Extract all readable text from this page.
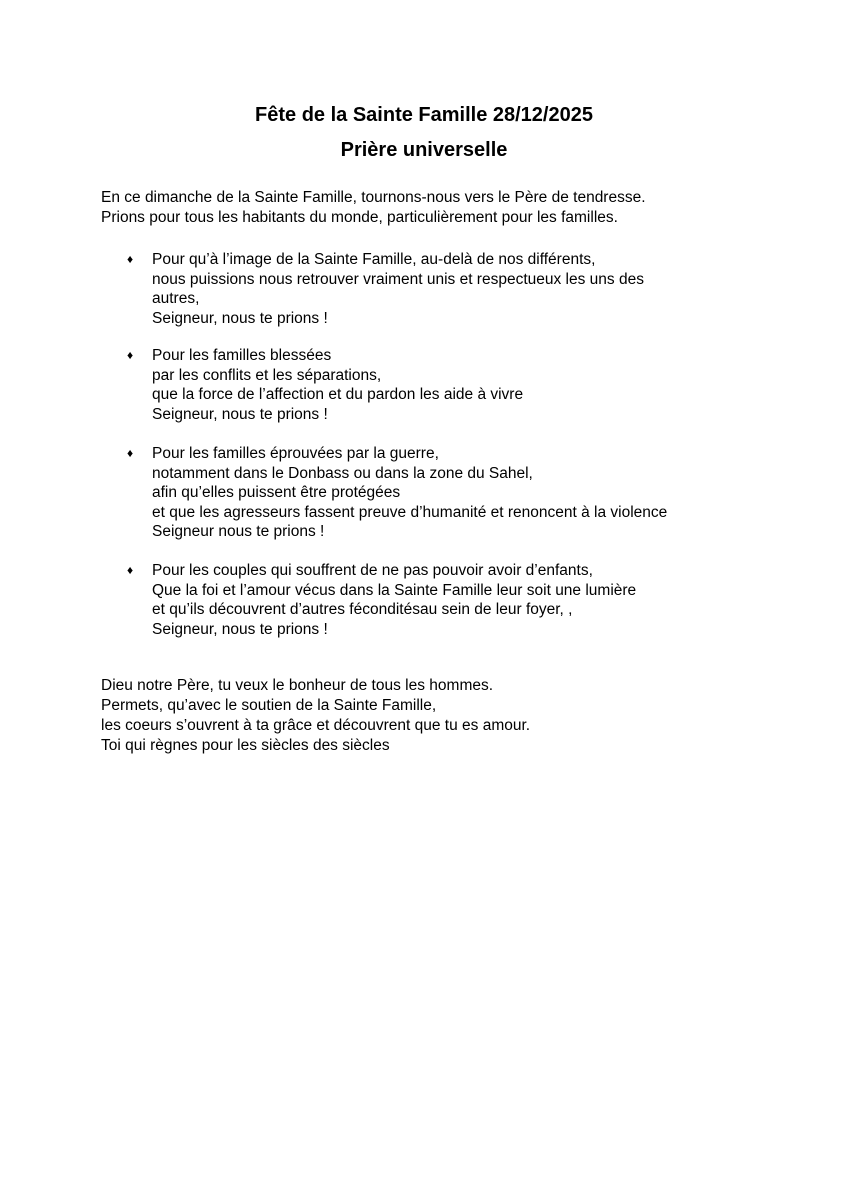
Fête de la Sainte Famille 28/12/2025
Prière universelle
En ce dimanche de la Sainte Famille, tournons-nous vers le Père de tendresse.
Prions pour tous les habitants du monde, particulièrement pour les familles.
♦	Pour qu’à l’image de la Sainte Famille, au-delà de nos différents,
nous puissions nous retrouver vraiment unis et respectueux les uns des
autres,
Seigneur, nous te prions !
♦	Pour les familles blessées
par les conflits et les séparations,
que la force de l’affection et du pardon les aide à vivre
Seigneur, nous te prions !
♦	Pour les familles éprouvées par la guerre,
notamment dans le Donbass ou dans la zone du Sahel,
afin qu’elles puissent être protégées
et que les agresseurs fassent preuve d’humanité et renoncent à la violence
Seigneur nous te prions !
♦	Pour les couples qui souffrent de ne pas pouvoir avoir d’enfants,
Que la foi et l’amour vécus dans la Sainte Famille leur soit une lumière
et qu’ils découvrent d’autres féconditésau sein de leur foyer, ,
Seigneur, nous te prions !
Dieu notre Père, tu veux le bonheur de tous les hommes.
Permets, qu’avec le soutien de la Sainte Famille,
les coeurs s’ouvrent à ta grâce et découvrent que tu es amour.
Toi qui règnes pour les siècles des siècles
